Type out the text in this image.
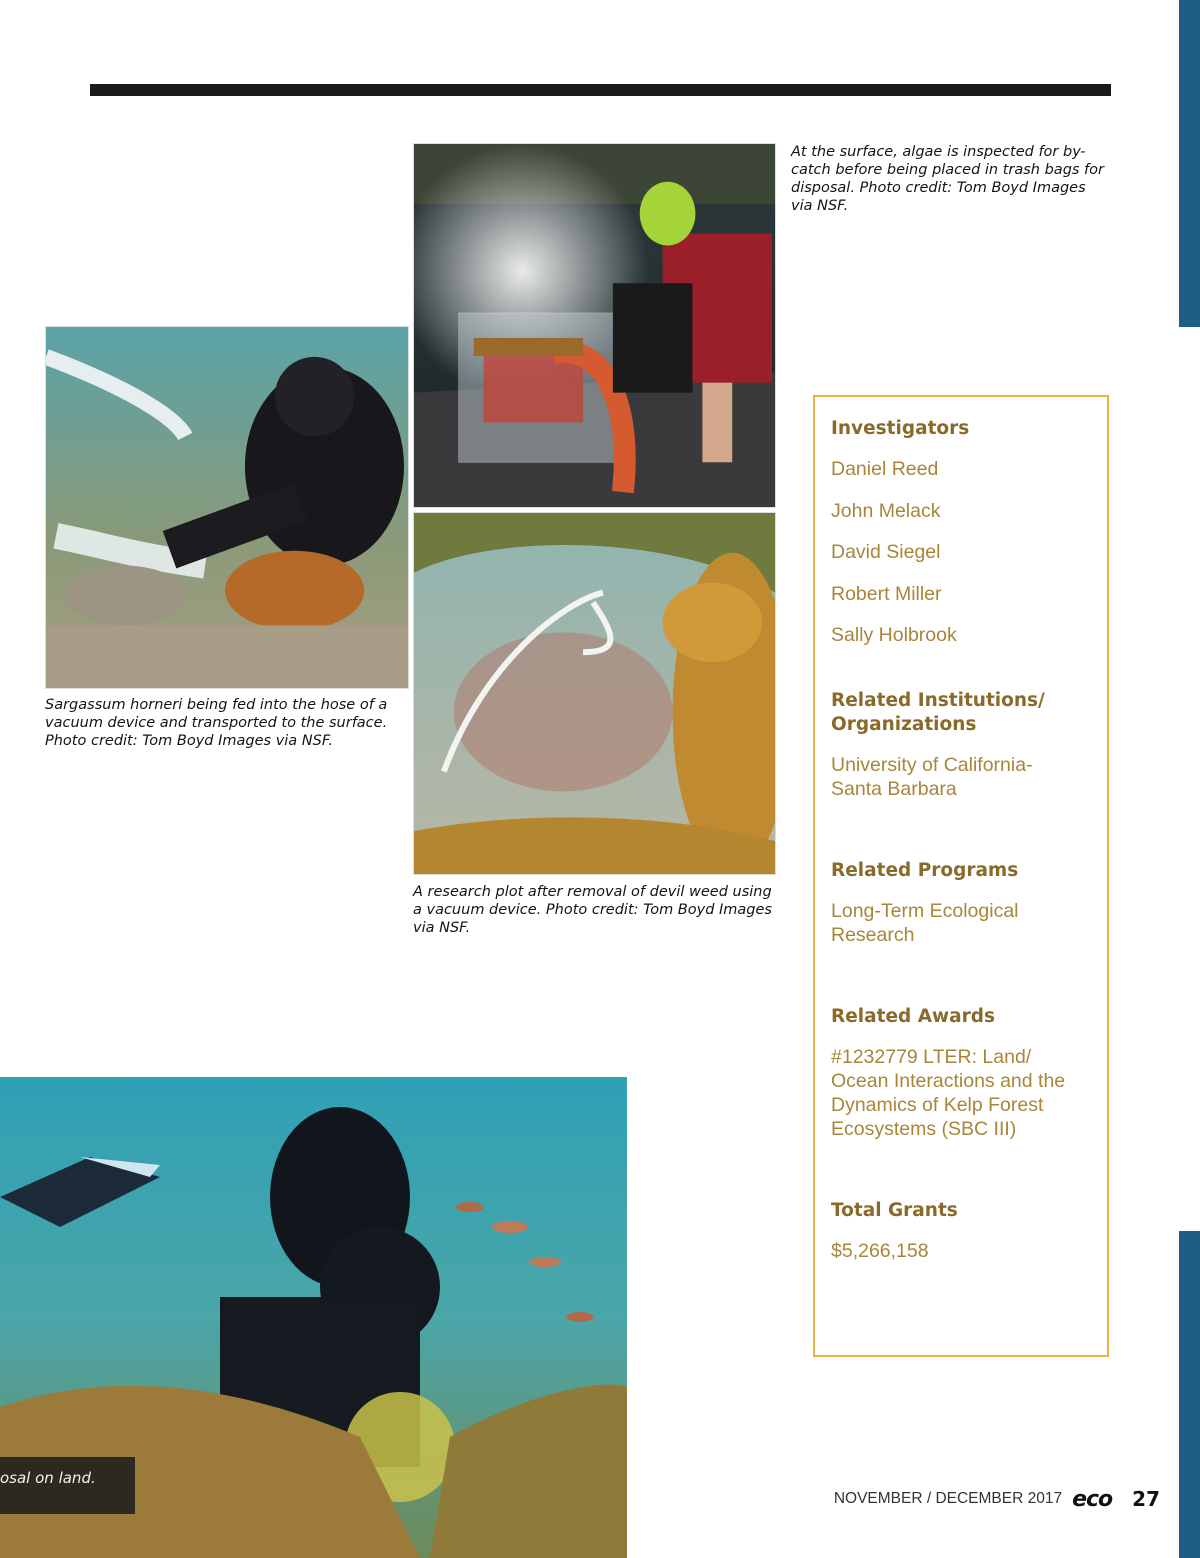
At the surface, algae is inspected for by-catch before being placed in trash bags for disposal. Photo credit: Tom Boyd Images via NSF.
Sargassum horneri being fed into the hose of a vacuum device and transported to the surface. Photo credit: Tom Boyd Images via NSF.
A research plot after removal of devil weed using a vacuum device. Photo credit: Tom Boyd Images via NSF.
osal on land.
Investigators
Daniel Reed
John Melack
David Siegel
Robert Miller
Sally Holbrook
Related Institutions/ Organizations
University of California-Santa Barbara
Related Programs
Long-Term Ecological Research
Related Awards
#1232779 LTER: Land/ Ocean Interactions and the Dynamics of Kelp Forest Ecosystems (SBC III)
Total Grants
$5,266,158
NOVEMBER / DECEMBER 2017 eco 27
